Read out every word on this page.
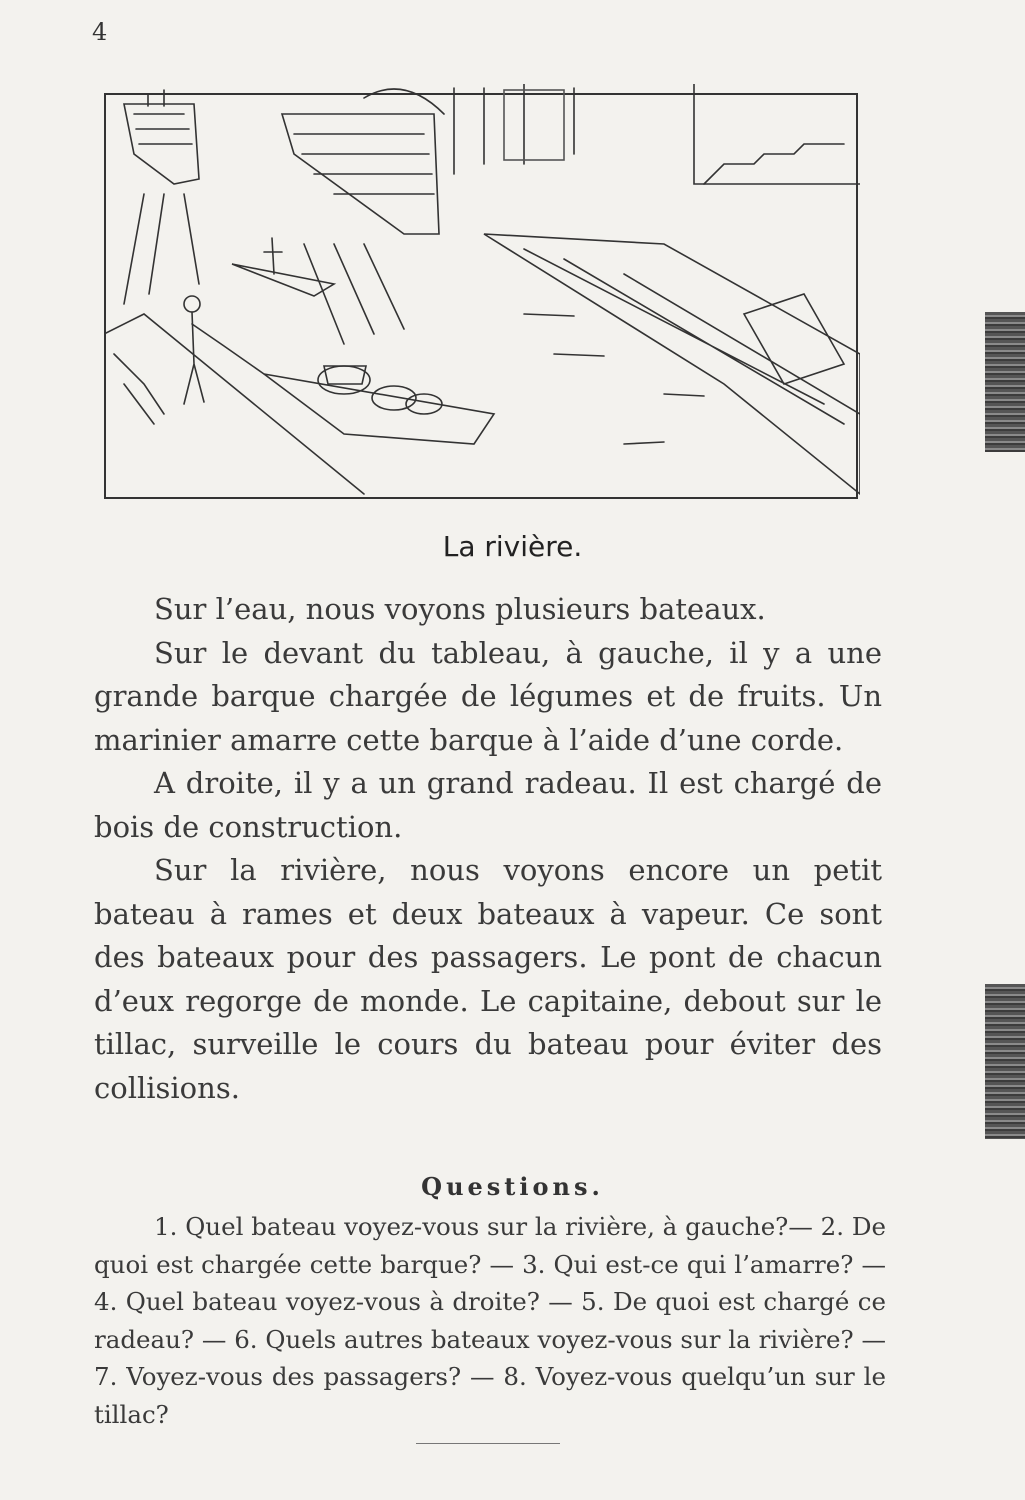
4
La rivière.

Sur l’eau, nous voyons plusieurs bateaux.

Sur le devant du tableau, à gauche, il y a une grande barque chargée de légumes et de fruits. Un marinier amarre cette barque à l’aide d’une corde.

A droite, il y a un grand radeau. Il est chargé de bois de construction.

Sur la rivière, nous voyons encore un petit bateau à rames et deux bateaux à vapeur. Ce sont des bateaux pour des passagers. Le pont de chacun d’eux regorge de monde. Le capitaine, debout sur le tillac, surveille le cours du bateau pour éviter des collisions.

Questions.

1. Quel bateau voyez-vous sur la rivière, à gauche?— 2. De quoi est chargée cette barque? — 3. Qui est-ce qui l’amarre? — 4. Quel bateau voyez-vous à droite? — 5. De quoi est chargé ce radeau? — 6. Quels autres bateaux voyez-vous sur la rivière? — 7. Voyez-vous des passagers? — 8. Voyez-vous quelqu’un sur le tillac?
